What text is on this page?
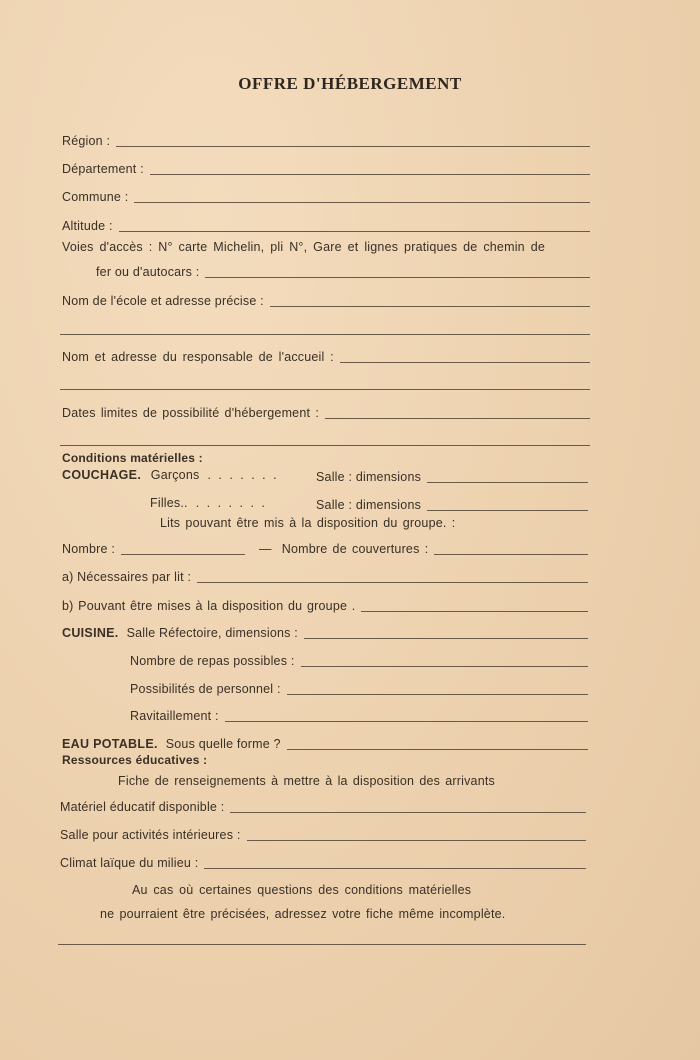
OFFRE D'HÉBERGEMENT
Région :
Département :
Commune :
Altitude :
Voies d'accès : N° carte Michelin, pli N°, Gare et lignes pratiques de chemin de
fer ou d'autocars :
Nom de l'école et adresse précise :
Nom et adresse du responsable de l'accueil :
Dates limites de possibilité d'hébergement :
Conditions matérielles :
COUCHAGE. Garçons . . . . . . .	Salle : dimensions
Filles.. . . . . . . .	Salle : dimensions
Lits pouvant être mis à la disposition du groupe. :
Nombre :	— Nombre de couvertures :
a) Nécessaires par lit :
b) Pouvant être mises à la disposition du groupe .
CUISINE. Salle Réfectoire, dimensions :
Nombre de repas possibles :
Possibilités de personnel :
Ravitaillement :
EAU POTABLE. Sous quelle forme ?
Ressources éducatives :
Fiche de renseignements à mettre à la disposition des arrivants
Matériel éducatif disponible :
Salle pour activités intérieures :
Climat laïque du milieu :
Au cas où certaines questions des conditions matérielles
ne pourraient être précisées, adressez votre fiche même incomplète.
